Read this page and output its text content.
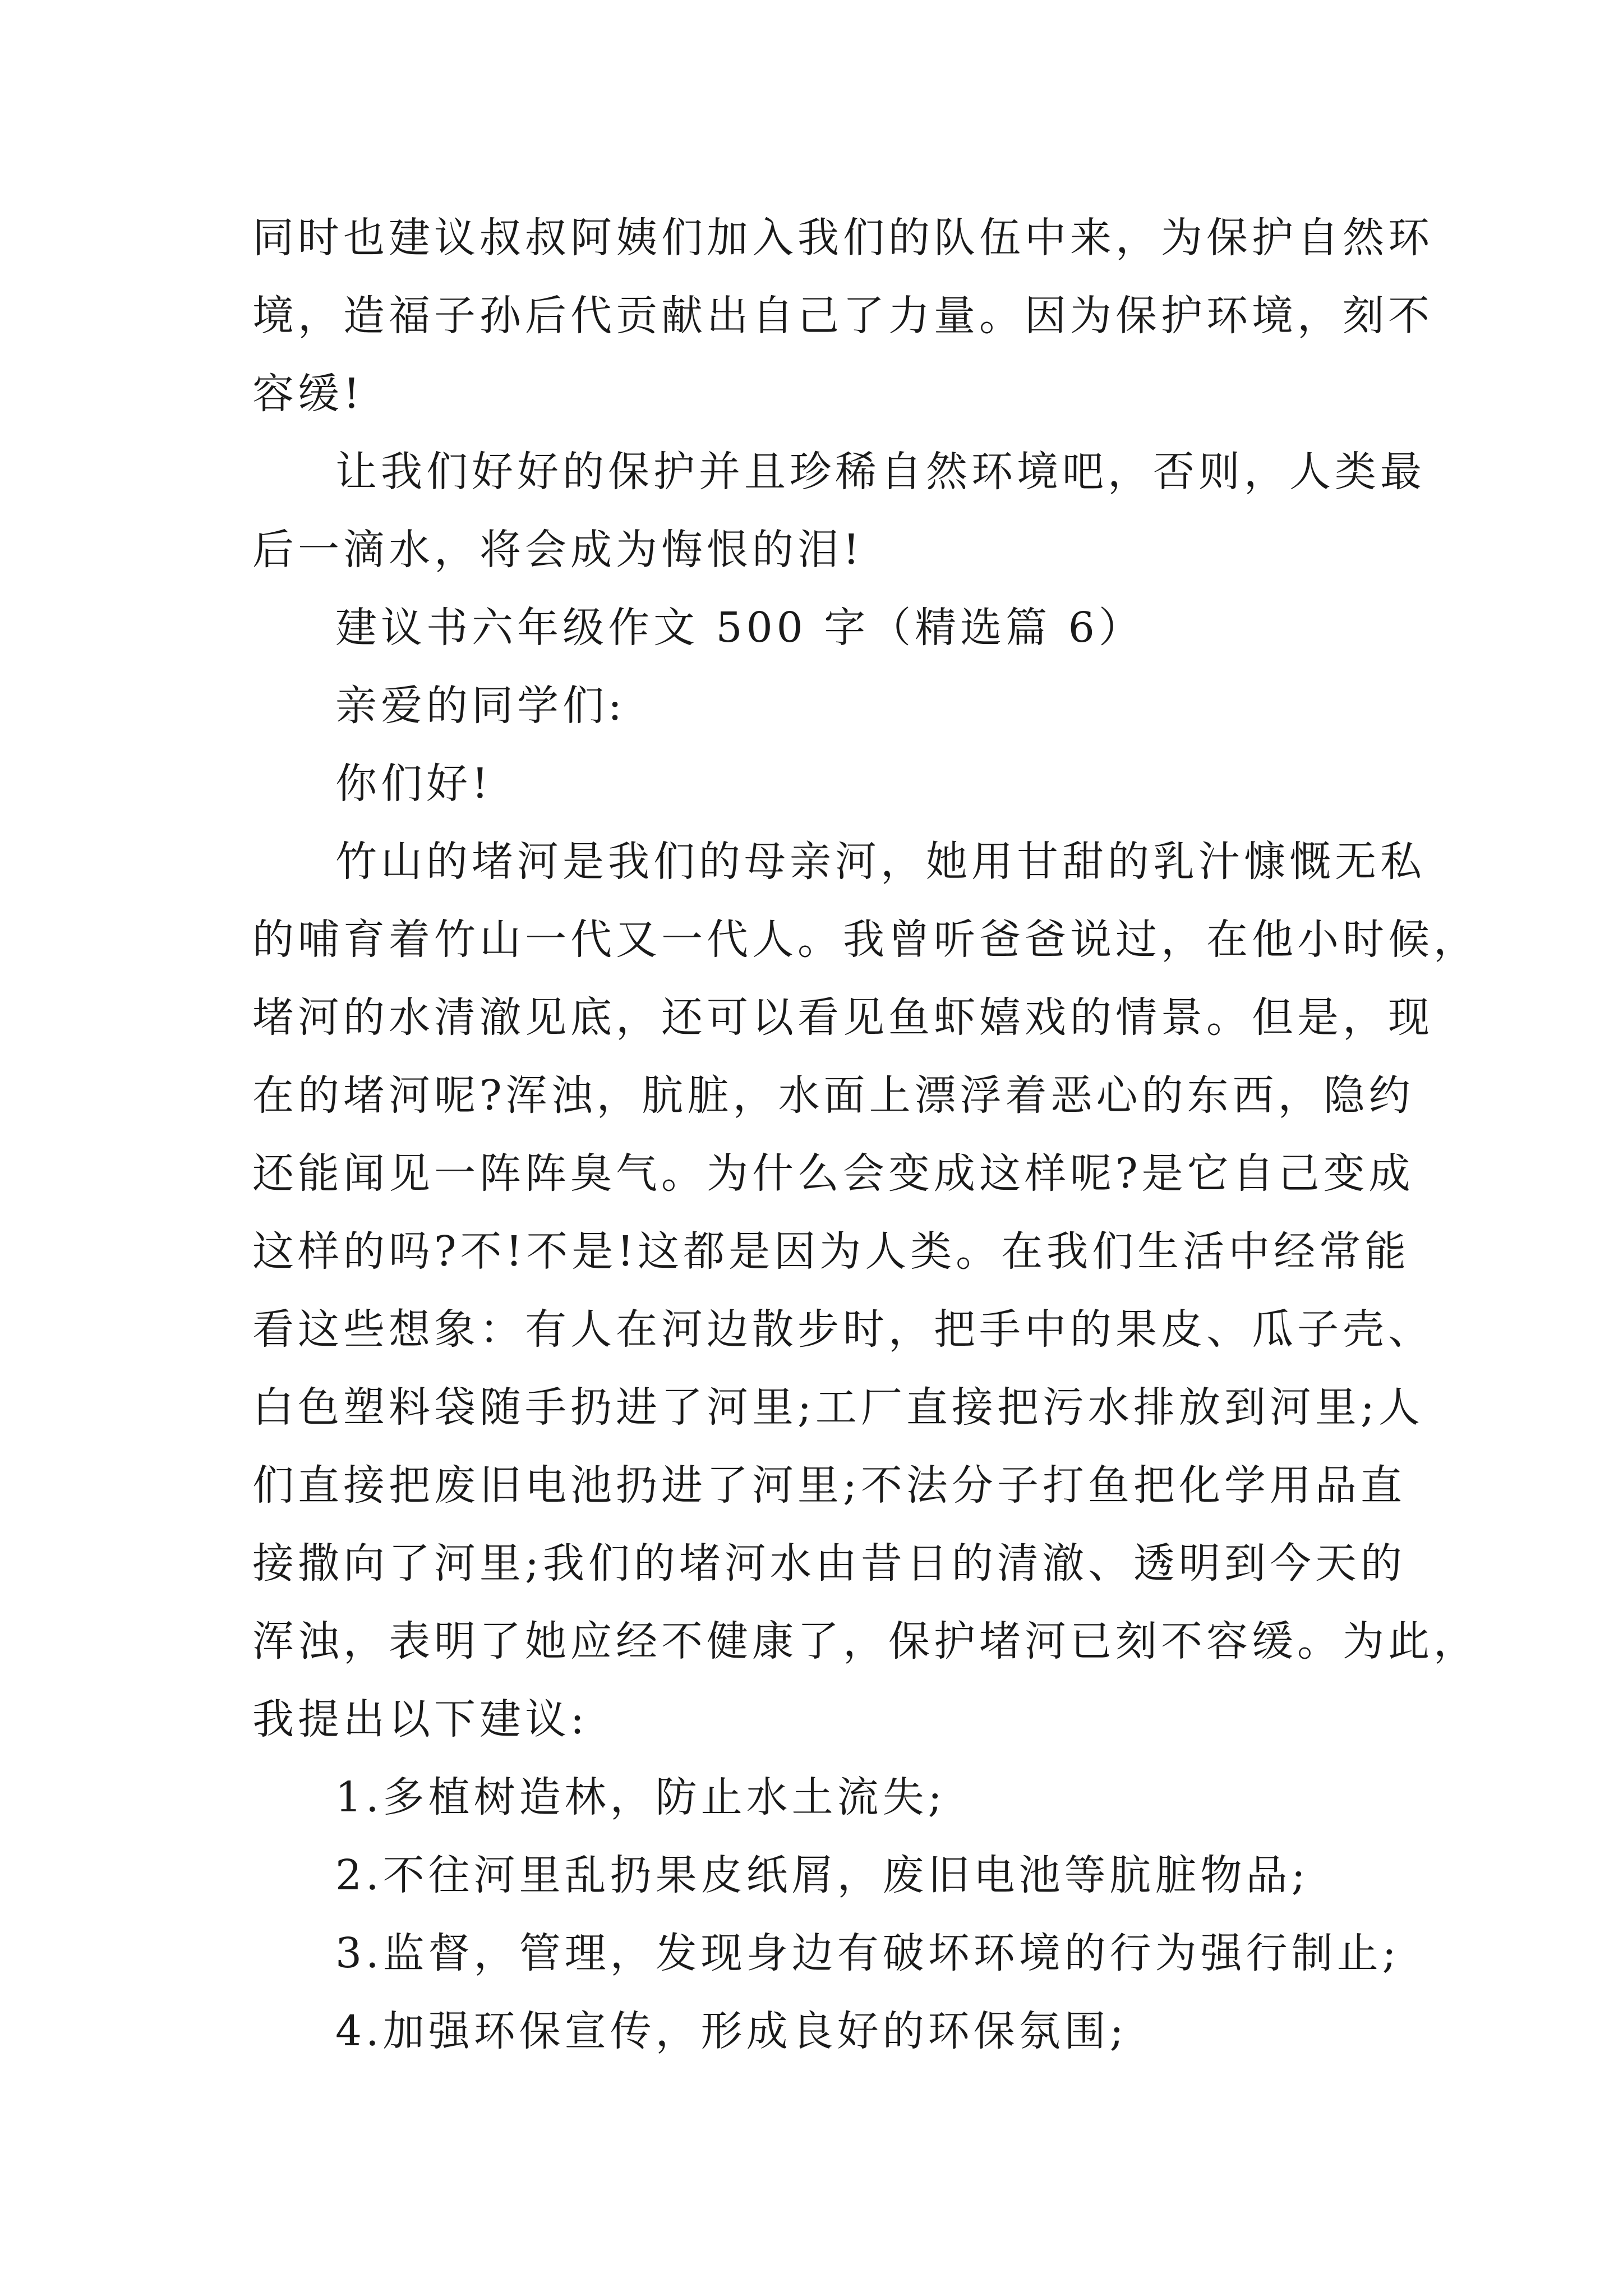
同时也建议叔叔阿姨们加入我们的队伍中来，为保护自然环
境，造福子孙后代贡献出自己了力量。因为保护环境，刻不
容缓!
让我们好好的保护并且珍稀自然环境吧，否则，人类最
后一滴水，将会成为悔恨的泪!
建议书六年级作文 500 字（精选篇 6）
亲爱的同学们:
你们好!
竹山的堵河是我们的母亲河，她用甘甜的乳汁慷慨无私
的哺育着竹山一代又一代人。我曾听爸爸说过，在他小时候，
堵河的水清澈见底，还可以看见鱼虾嬉戏的情景。但是，现
在的堵河呢?浑浊，肮脏，水面上漂浮着恶心的东西，隐约
还能闻见一阵阵臭气。为什么会变成这样呢?是它自己变成
这样的吗?不!不是!这都是因为人类。在我们生活中经常能
看这些想象：有人在河边散步时，把手中的果皮、瓜子壳、
白色塑料袋随手扔进了河里;工厂直接把污水排放到河里;人
们直接把废旧电池扔进了河里;不法分子打鱼把化学用品直
接撒向了河里;我们的堵河水由昔日的清澈、透明到今天的
浑浊，表明了她应经不健康了，保护堵河已刻不容缓。为此，
我提出以下建议:
1.多植树造林，防止水土流失;
2.不往河里乱扔果皮纸屑，废旧电池等肮脏物品;
3.监督，管理，发现身边有破坏环境的行为强行制止;
4.加强环保宣传，形成良好的环保氛围;
